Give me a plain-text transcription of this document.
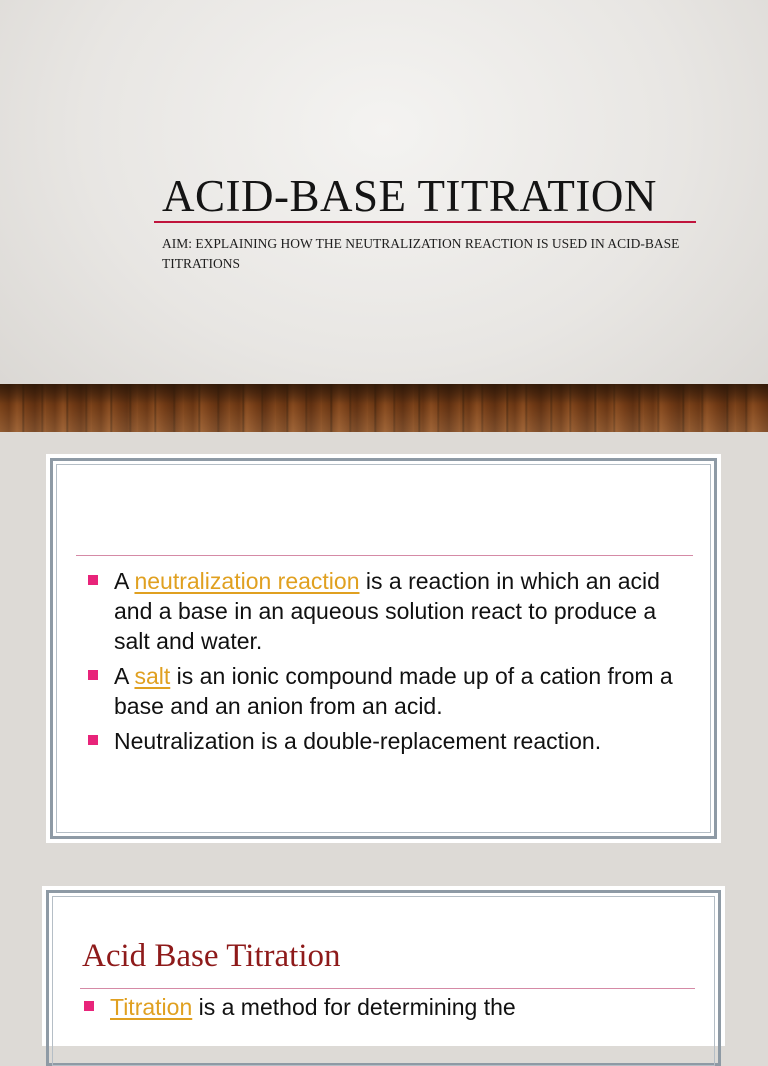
ACID-BASE TITRATION
AIM: EXPLAINING HOW THE NEUTRALIZATION REACTION IS USED IN ACID-BASE TITRATIONS
A neutralization reaction is a reaction in which an acid and a base in an aqueous solution react to produce a salt and water.
A salt is an ionic compound made up of a cation from a base and an anion from an acid.
Neutralization is a double-replacement reaction.
Acid Base Titration
Titration is a method for determining the
